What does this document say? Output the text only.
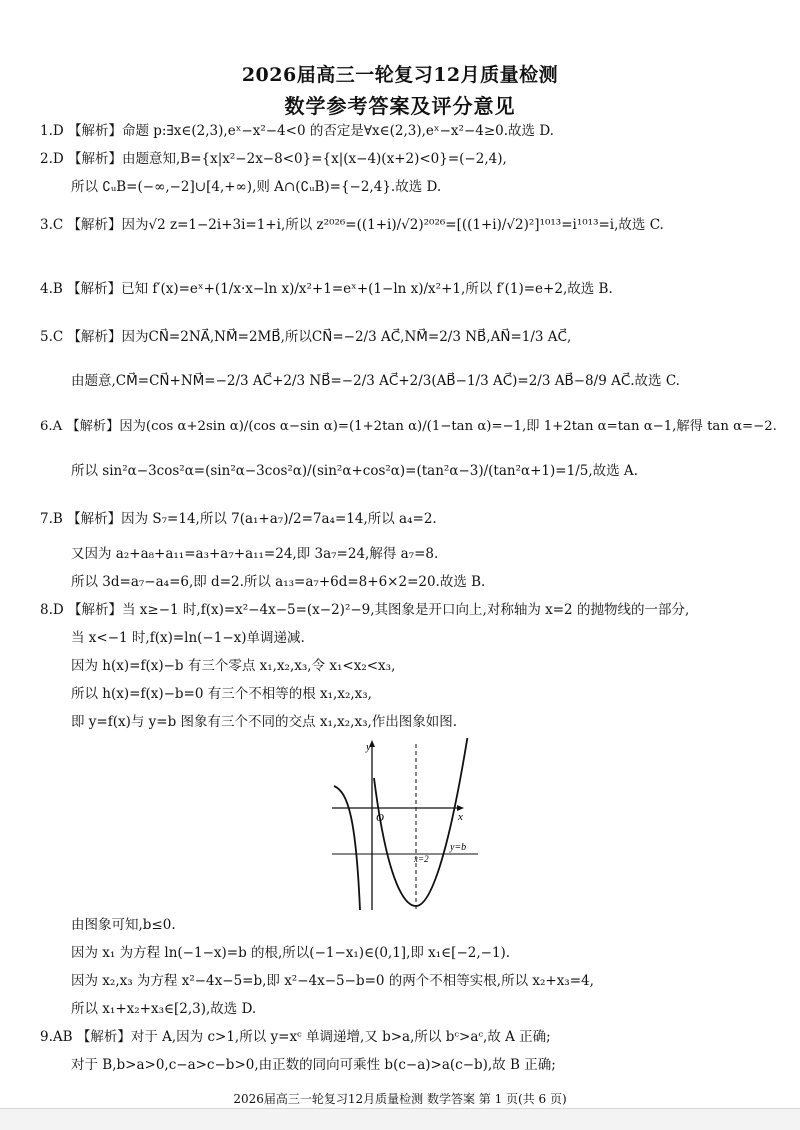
2026届高三一轮复习12月质量检测
数学参考答案及评分意见
1.D 【解析】命题 p:∃x∈(2,3),eˣ−x²−4<0 的否定是∀x∈(2,3),eˣ−x²−4≥0.故选 D.
2.D 【解析】由题意知,B={x|x²−2x−8<0}={x|(x−4)(x+2)<0}=(−2,4),
所以 ∁ᵤB=(−∞,−2]∪[4,+∞),则 A∩(∁ᵤB)={−2,4}.故选 D.
3.C 【解析】因为√2 z=1−2i+3i=1+i,所以 z²⁰²⁶=((1+i)/√2)²⁰²⁶=[((1+i)/√2)²]¹⁰¹³=i¹⁰¹³=i,故选 C.
4.B 【解析】已知 f′(x)=eˣ+(1/x·x−ln x)/x²+1=eˣ+(1−ln x)/x²+1,所以 f′(1)=e+2,故选 B.
5.C 【解析】因为CN⃗=2NA⃗,NM⃗=2MB⃗,所以CN⃗=−2/3 AC⃗,NM⃗=2/3 NB⃗,AN⃗=1/3 AC⃗,
由题意,CM⃗=CN⃗+NM⃗=−2/3 AC⃗+2/3 NB⃗=−2/3 AC⃗+2/3(AB⃗−1/3 AC⃗)=2/3 AB⃗−8/9 AC⃗.故选 C.
6.A 【解析】因为(cos α+2sin α)/(cos α−sin α)=(1+2tan α)/(1−tan α)=−1,即 1+2tan α=tan α−1,解得 tan α=−2.
所以 sin²α−3cos²α=(sin²α−3cos²α)/(sin²α+cos²α)=(tan²α−3)/(tan²α+1)=1/5,故选 A.
7.B 【解析】因为 S₇=14,所以 7(a₁+a₇)/2=7a₄=14,所以 a₄=2.
又因为 a₂+a₈+a₁₁=a₃+a₇+a₁₁=24,即 3a₇=24,解得 a₇=8.
所以 3d=a₇−a₄=6,即 d=2.所以 a₁₃=a₇+6d=8+6×2=20.故选 B.
8.D 【解析】当 x≥−1 时,f(x)=x²−4x−5=(x−2)²−9,其图象是开口向上,对称轴为 x=2 的抛物线的一部分,
当 x<−1 时,f(x)=ln(−1−x)单调递减.
因为 h(x)=f(x)−b 有三个零点 x₁,x₂,x₃,令 x₁<x₂<x₃,
所以 h(x)=f(x)−b=0 有三个不相等的根 x₁,x₂,x₃,
即 y=f(x)与 y=b 图象有三个不同的交点 x₁,x₂,x₃,作出图象如图.
y
x
O
x=2
y=b
由图象可知,b≤0.
因为 x₁ 为方程 ln(−1−x)=b 的根,所以(−1−x₁)∈(0,1],即 x₁∈[−2,−1).
因为 x₂,x₃ 为方程 x²−4x−5=b,即 x²−4x−5−b=0 的两个不相等实根,所以 x₂+x₃=4,
所以 x₁+x₂+x₃∈[2,3),故选 D.
9.AB 【解析】对于 A,因为 c>1,所以 y=xᶜ 单调递增,又 b>a,所以 bᶜ>aᶜ,故 A 正确;
对于 B,b>a>0,c−a>c−b>0,由正数的同向可乘性 b(c−a)>a(c−b),故 B 正确;
2026届高三一轮复习12月质量检测 数学答案 第 1 页(共 6 页)
